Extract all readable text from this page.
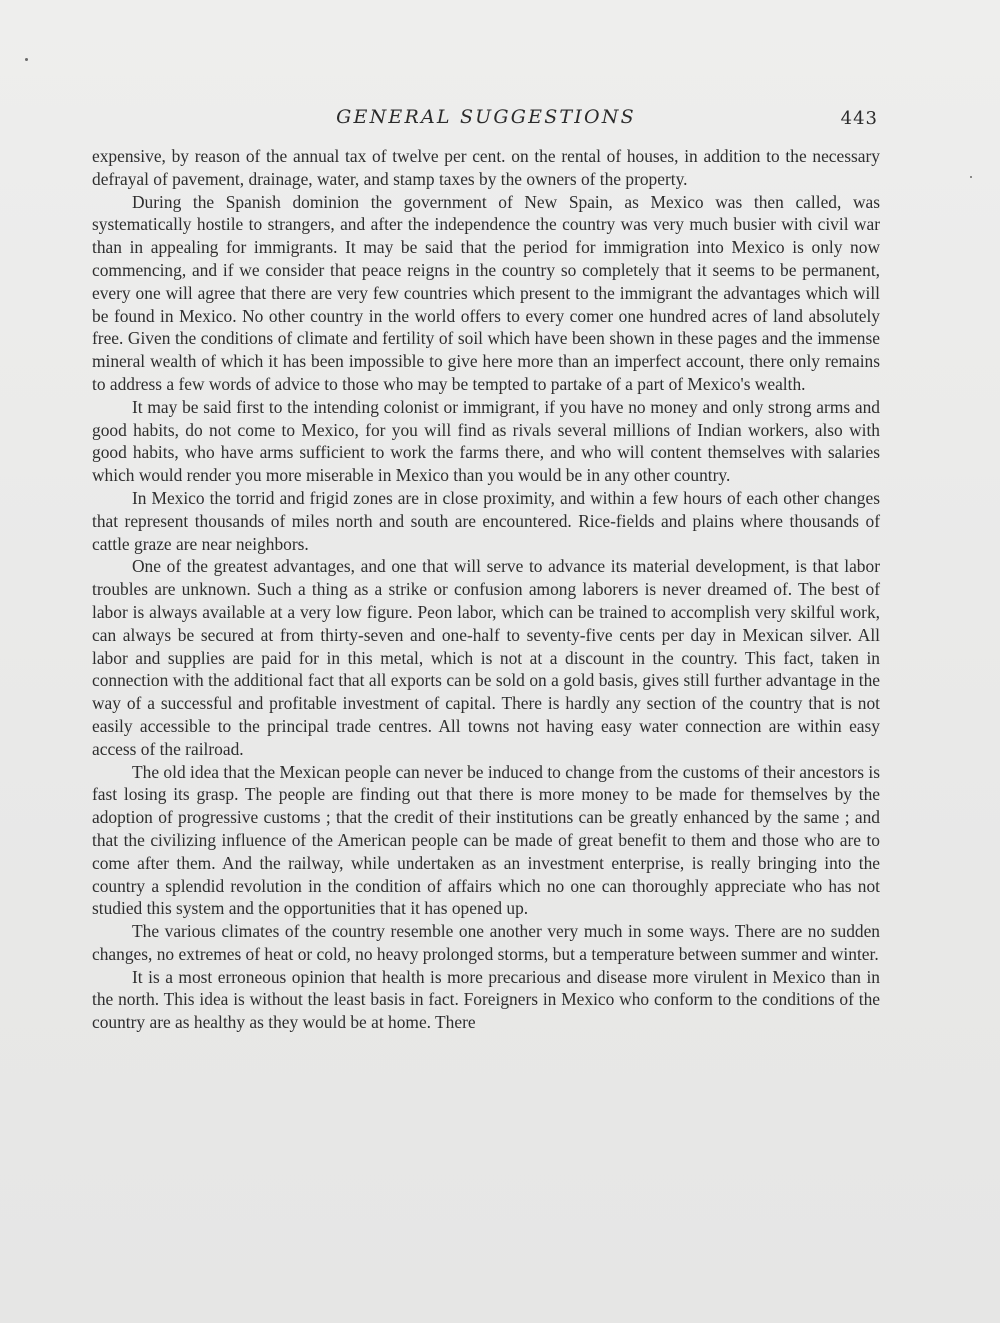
GENERAL SUGGESTIONS	443

expensive, by reason of the annual tax of twelve per cent. on the rental of houses, in addition to the necessary defrayal of pavement, drainage, water, and stamp taxes by the owners of the property.

During the Spanish dominion the government of New Spain, as Mexico was then called, was systematically hostile to strangers, and after the independence the country was very much busier with civil war than in appealing for immigrants. It may be said that the period for immigration into Mexico is only now commencing, and if we consider that peace reigns in the country so completely that it seems to be permanent, every one will agree that there are very few countries which present to the immigrant the advantages which will be found in Mexico. No other country in the world offers to every comer one hundred acres of land absolutely free. Given the conditions of climate and fertility of soil which have been shown in these pages and the immense mineral wealth of which it has been impossible to give here more than an imperfect account, there only remains to address a few words of advice to those who may be tempted to partake of a part of Mexico's wealth.

It may be said first to the intending colonist or immigrant, if you have no money and only strong arms and good habits, do not come to Mexico, for you will find as rivals several millions of Indian workers, also with good habits, who have arms sufficient to work the farms there, and who will content themselves with salaries which would render you more miserable in Mexico than you would be in any other country.

In Mexico the torrid and frigid zones are in close proximity, and within a few hours of each other changes that represent thousands of miles north and south are encountered. Rice-fields and plains where thousands of cattle graze are near neighbors.

One of the greatest advantages, and one that will serve to advance its material development, is that labor troubles are unknown. Such a thing as a strike or confusion among laborers is never dreamed of. The best of labor is always available at a very low figure. Peon labor, which can be trained to accomplish very skilful work, can always be secured at from thirty-seven and one-half to seventy-five cents per day in Mexican silver. All labor and supplies are paid for in this metal, which is not at a discount in the country. This fact, taken in connection with the additional fact that all exports can be sold on a gold basis, gives still further advantage in the way of a successful and profitable investment of capital. There is hardly any section of the country that is not easily accessible to the principal trade centres. All towns not having easy water connection are within easy access of the railroad.

The old idea that the Mexican people can never be induced to change from the customs of their ancestors is fast losing its grasp. The people are finding out that there is more money to be made for themselves by the adoption of progressive customs ; that the credit of their institutions can be greatly enhanced by the same ; and that the civilizing influence of the American people can be made of great benefit to them and those who are to come after them. And the railway, while undertaken as an investment enterprise, is really bringing into the country a splendid revolution in the condition of affairs which no one can thoroughly appreciate who has not studied this system and the opportunities that it has opened up.

The various climates of the country resemble one another very much in some ways. There are no sudden changes, no extremes of heat or cold, no heavy prolonged storms, but a temperature between summer and winter.

It is a most erroneous opinion that health is more precarious and disease more virulent in Mexico than in the north. This idea is without the least basis in fact. Foreigners in Mexico who conform to the conditions of the country are as healthy as they would be at home. There
